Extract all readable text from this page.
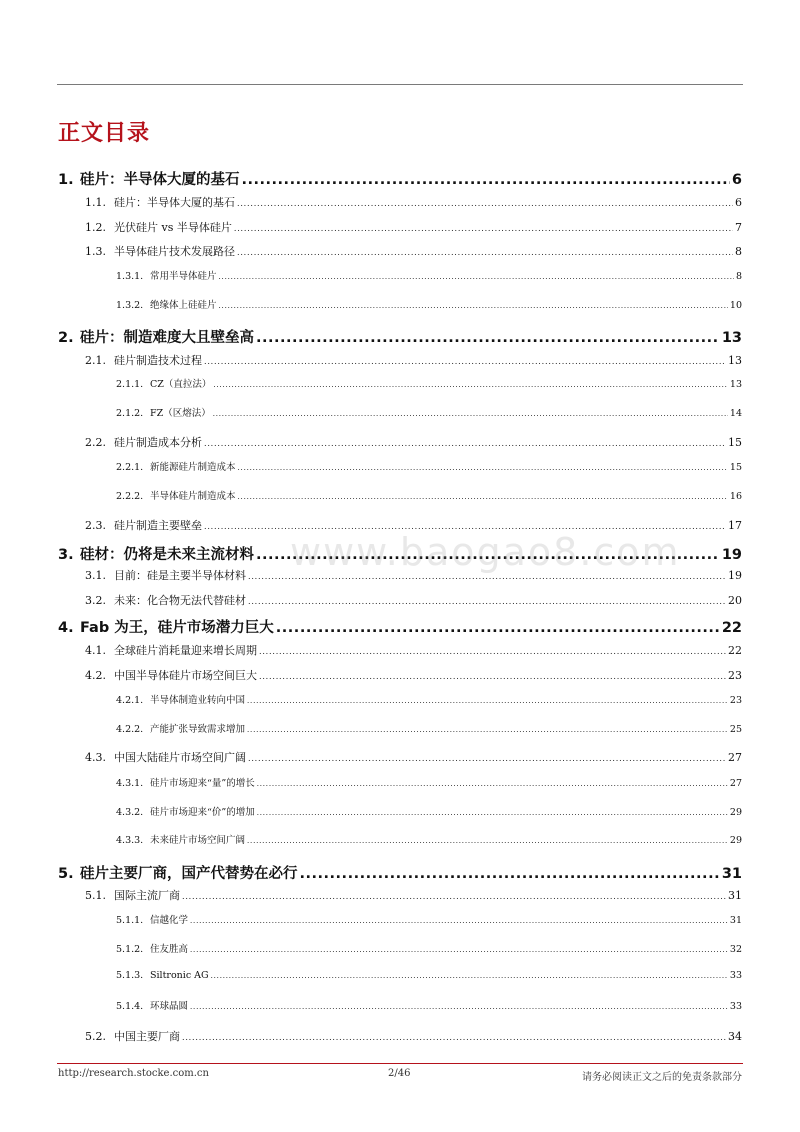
正文目录
1. 硅片：半导体大厦的基石 .....	6
1.1. 硅片：半导体大厦的基石 .....	6
1.2. 光伏硅片 vs 半导体硅片 .....	7
1.3. 半导体硅片技术发展路径 .....	8
1.3.1. 常用半导体硅片 .....	8
1.3.2. 绝缘体上硅硅片 .....	10
2. 硅片：制造难度大且壁垒高 .....	13
2.1. 硅片制造技术过程 .....	13
2.1.1. CZ（直拉法） .....	13
2.1.2. FZ（区熔法） .....	14
2.2. 硅片制造成本分析 .....	15
2.2.1. 新能源硅片制造成本 .....	15
2.2.2. 半导体硅片制造成本 .....	16
2.3. 硅片制造主要壁垒 .....	17
3. 硅材：仍将是未来主流材料 .....	19
3.1. 目前：硅是主要半导体材料 .....	19
3.2. 未来：化合物无法代替硅材 .....	20
4. Fab 为王，硅片市场潜力巨大 .....	22
4.1. 全球硅片消耗量迎来增长周期 .....	22
4.2. 中国半导体硅片市场空间巨大 .....	23
4.2.1. 半导体制造业转向中国 .....	23
4.2.2. 产能扩张导致需求增加 .....	25
4.3. 中国大陆硅片市场空间广阔 .....	27
4.3.1. 硅片市场迎来“量”的增长 .....	27
4.3.2. 硅片市场迎来“价”的增加 .....	29
4.3.3. 未来硅片市场空间广阔 .....	29
5. 硅片主要厂商，国产代替势在必行 .....	31
5.1. 国际主流厂商 .....	31
5.1.1. 信越化学 .....	31
5.1.2. 住友胜高 .....	32
5.1.3. Siltronic AG .....	33
5.1.4. 环球晶圆 .....	33
5.2. 中国主要厂商 .....	34
www.baogao8.com
http://research.stocke.com.cn	2/46	请务必阅读正文之后的免责条款部分
